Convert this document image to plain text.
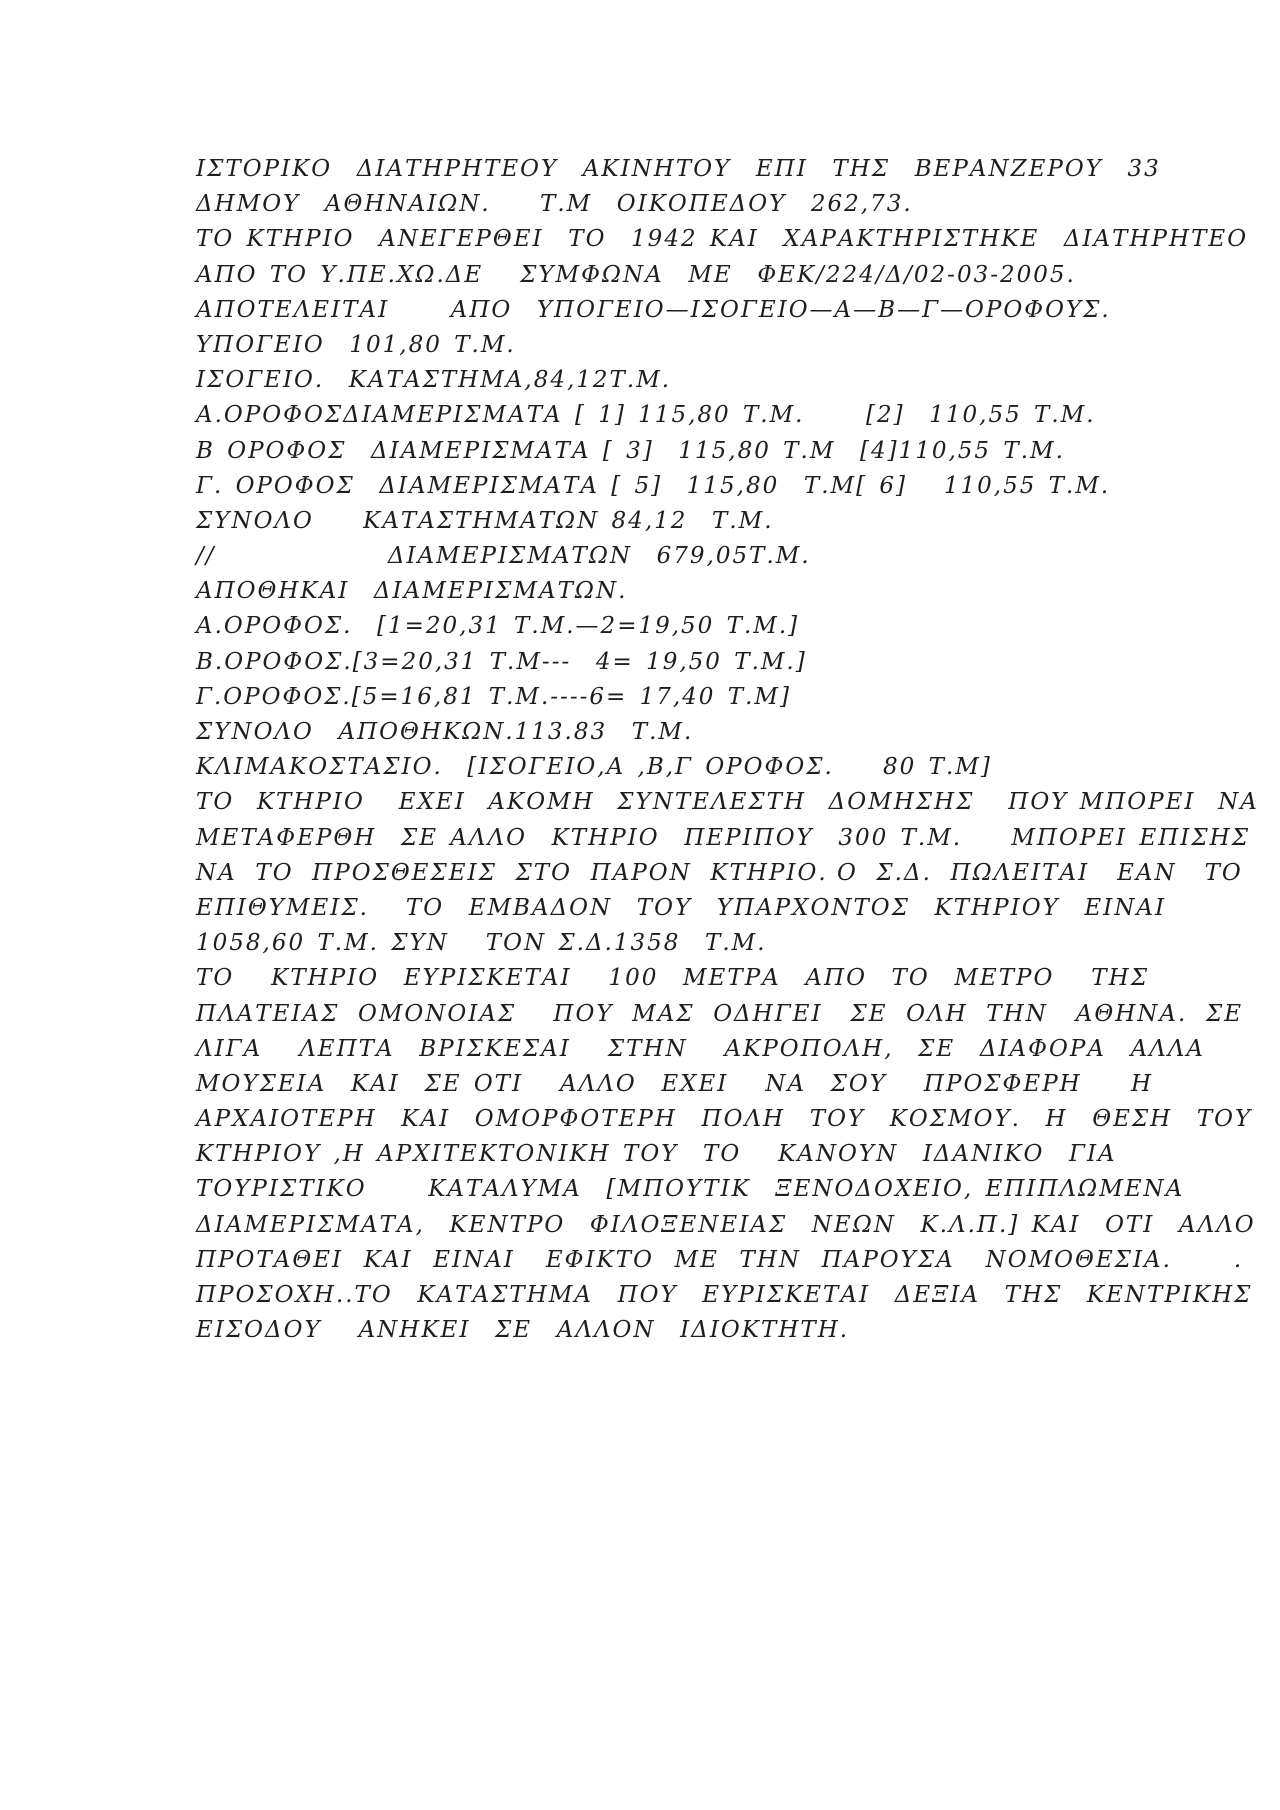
ΙΣΤΟΡΙΚΟ  ΔΙΑΤΗΡΗΤΕΟΥ  ΑΚΙΝΗΤΟΥ  ΕΠΙ  ΤΗΣ  ΒΕΡΑΝΖΕΡΟΥ  33
ΔΗΜΟΥ  ΑΘΗΝΑΙΩΝ.    Τ.Μ  ΟΙΚΟΠΕΔΟΥ  262,73.
ΤΟ ΚΤΗΡΙΟ  ΑΝΕΓΕΡΘΕΙ  ΤΟ  1942 ΚΑΙ  ΧΑΡΑΚΤΗΡΙΣΤΗΚΕ  ΔΙΑΤΗΡΗΤΕΟ
ΑΠΟ ΤΟ Υ.ΠΕ.ΧΩ.ΔΕ   ΣΥΜΦΩΝΑ  ΜΕ  ΦΕΚ/224/Δ/02-03-2005.
ΑΠΟΤΕΛΕΙΤΑΙ     ΑΠΟ  ΥΠΟΓΕΙΟ—ΙΣΟΓΕΙΟ—Α—Β—Γ—ΟΡΟΦΟΥΣ.
ΥΠΟΓΕΙΟ  101,80 Τ.Μ.
ΙΣΟΓΕΙΟ.  ΚΑΤΑΣΤΗΜΑ,84,12Τ.Μ.
Α.ΟΡΟΦΟΣΔΙΑΜΕΡΙΣΜΑΤΑ [ 1] 115,80 Τ.Μ.     [2]  110,55 Τ.Μ.
Β ΟΡΟΦΟΣ  ΔΙΑΜΕΡΙΣΜΑΤΑ [ 3]  115,80 Τ.Μ  [4]110,55 Τ.Μ.
Γ. ΟΡΟΦΟΣ  ΔΙΑΜΕΡΙΣΜΑΤΑ [ 5]  115,80  Τ.Μ[ 6]   110,55 Τ.Μ.
ΣΥΝΟΛΟ    ΚΑΤΑΣΤΗΜΑΤΩΝ 84,12  Τ.Μ.
//              ΔΙΑΜΕΡΙΣΜΑΤΩΝ  679,05Τ.Μ.
ΑΠΟΘΗΚΑΙ  ΔΙΑΜΕΡΙΣΜΑΤΩΝ.
Α.ΟΡΟΦΟΣ.  [1=20,31 Τ.Μ.—2=19,50 Τ.Μ.]
Β.ΟΡΟΦΟΣ.[3=20,31 Τ.Μ---  4= 19,50 Τ.Μ.]
Γ.ΟΡΟΦΟΣ.[5=16,81 Τ.Μ.----6= 17,40 Τ.Μ]
ΣΥΝΟΛΟ  ΑΠΟΘΗΚΩΝ.113.83  Τ.Μ.
ΚΛΙΜΑΚΟΣΤΑΣΙΟ.  [ΙΣΟΓΕΙΟ,Α ,Β,Γ ΟΡΟΦΟΣ.    80 Τ.Μ]
ΤΟ  ΚΤΗΡΙΟ   ΕΧΕΙ  ΑΚΟΜΗ  ΣΥΝΤΕΛΕΣΤΗ  ΔΟΜΗΣΗΣ   ΠΟΥ ΜΠΟΡΕΙ  ΝΑ
ΜΕΤΑΦΕΡΘΗ  ΣΕ ΑΛΛΟ  ΚΤΗΡΙΟ  ΠΕΡΙΠΟΥ  300 Τ.Μ.    ΜΠΟΡΕΙ ΕΠΙΣΗΣ
ΝΑ  ΤΟ  ΠΡΟΣΘΕΣΕΙΣ  ΣΤΟ  ΠΑΡΟΝ  ΚΤΗΡΙΟ. Ο  Σ.Δ.  ΠΩΛΕΙΤΑΙ   ΕΑΝ   ΤΟ
ΕΠΙΘΥΜΕΙΣ.   ΤΟ  ΕΜΒΑΔΟΝ  ΤΟΥ  ΥΠΑΡΧΟΝΤΟΣ  ΚΤΗΡΙΟΥ  ΕΙΝΑΙ
1058,60 Τ.Μ. ΣΥΝ   ΤΟΝ Σ.Δ.1358  Τ.Μ.
ΤΟ   ΚΤΗΡΙΟ  ΕΥΡΙΣΚΕΤΑΙ   100  ΜΕΤΡΑ  ΑΠΟ  ΤΟ  ΜΕΤΡΟ   ΤΗΣ
ΠΛΑΤΕΙΑΣ  ΟΜΟΝΟΙΑΣ    ΠΟΥ  ΜΑΣ  ΟΔΗΓΕΙ   ΣΕ  ΟΛΗ  ΤΗΝ   ΑΘΗΝΑ.  ΣΕ
ΛΙΓΑ   ΛΕΠΤΑ  ΒΡΙΣΚΕΣΑΙ   ΣΤΗΝ   ΑΚΡΟΠΟΛΗ,  ΣΕ  ΔΙΑΦΟΡΑ  ΑΛΛΑ
ΜΟΥΣΕΙΑ  ΚΑΙ  ΣΕ ΟΤΙ   ΑΛΛΟ  ΕΧΕΙ   ΝΑ  ΣΟΥ   ΠΡΟΣΦΕΡΗ    Η
ΑΡΧΑΙΟΤΕΡΗ  ΚΑΙ  ΟΜΟΡΦΟΤΕΡΗ  ΠΟΛΗ  ΤΟΥ  ΚΟΣΜΟΥ.  Η  ΘΕΣΗ  ΤΟΥ
ΚΤΗΡΙΟΥ ,Η ΑΡΧΙΤΕΚΤΟΝΙΚΗ ΤΟΥ  ΤΟ   ΚΑΝΟΥΝ  ΙΔΑΝΙΚΟ  ΓΙΑ
ΤΟΥΡΙΣΤΙΚΟ     ΚΑΤΑΛΥΜΑ  [ΜΠΟΥΤΙΚ  ΞΕΝΟΔΟΧΕΙΟ, ΕΠΙΠΛΩΜΕΝΑ
ΔΙΑΜΕΡΙΣΜΑΤΑ,  ΚΕΝΤΡΟ  ΦΙΛΟΞΕΝΕΙΑΣ  ΝΕΩΝ  Κ.Λ.Π.] ΚΑΙ  ΟΤΙ  ΑΛΛΟ
ΠΡΟΤΑΘΕΙ  ΚΑΙ  ΕΙΝΑΙ   ΕΦΙΚΤΟ  ΜΕ  ΤΗΝ  ΠΑΡΟΥΣΑ   ΝΟΜΟΘΕΣΙΑ.      .
ΠΡΟΣΟΧΗ..ΤΟ  ΚΑΤΑΣΤΗΜΑ  ΠΟΥ  ΕΥΡΙΣΚΕΤΑΙ  ΔΕΞΙΑ  ΤΗΣ  ΚΕΝΤΡΙΚΗΣ
ΕΙΣΟΔΟΥ   ΑΝΗΚΕΙ  ΣΕ  ΑΛΛΟΝ  ΙΔΙΟΚΤΗΤΗ.
